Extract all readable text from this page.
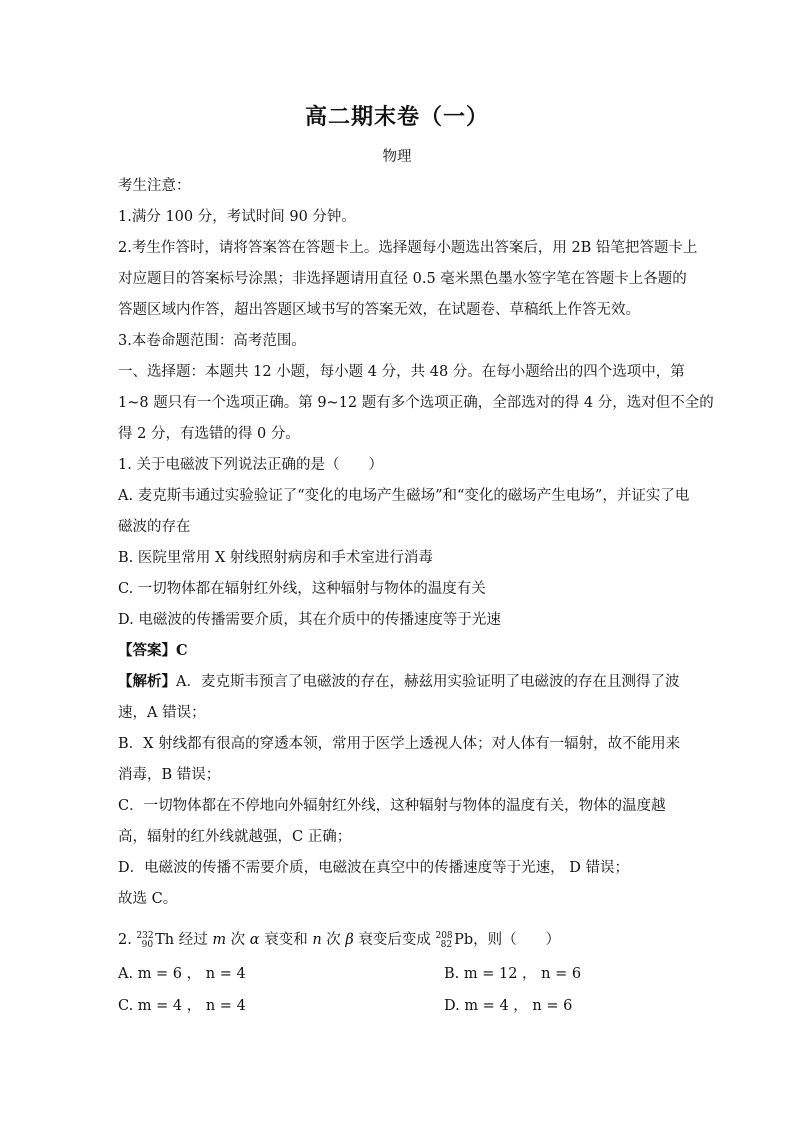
高二期末卷（一）
物理
考生注意：
1.满分 100 分，考试时间 90 分钟。
2.考生作答时，请将答案答在答题卡上。选择题每小题选出答案后，用 2B 铅笔把答题卡上
对应题目的答案标号涂黑；非选择题请用直径 0.5 毫米黑色墨水签字笔在答题卡上各题的
答题区域内作答，超出答题区域书写的答案无效，在试题卷、草稿纸上作答无效。
3.本卷命题范围：高考范围。
一、选择题：本题共 12 小题，每小题 4 分，共 48 分。在每小题给出的四个选项中，第
1~8 题只有一个选项正确。第 9~12 题有多个选项正确，全部选对的得 4 分，选对但不全的
得 2 分，有选错的得 0 分。
1. 关于电磁波下列说法正确的是（　　）
A. 麦克斯韦通过实验验证了“变化的电场产生磁场”和“变化的磁场产生电场”，并证实了电
磁波的存在
B. 医院里常用 X 射线照射病房和手术室进行消毒
C. 一切物体都在辐射红外线，这种辐射与物体的温度有关
D. 电磁波的传播需要介质，其在介质中的传播速度等于光速
【答案】C
【解析】A．麦克斯韦预言了电磁波的存在，赫兹用实验证明了电磁波的存在且测得了波
速，A 错误；
B．X 射线都有很高的穿透本领，常用于医学上透视人体；对人体有一辐射，故不能用来
消毒，B 错误；
C．一切物体都在不停地向外辐射红外线，这种辐射与物体的温度有关，物体的温度越
高，辐射的红外线就越强，C 正确；
D．电磁波的传播不需要介质，电磁波在真空中的传播速度等于光速， D 错误；
故选 C。
2. $^{232}_{90}$ Th 经过 m 次 α 衰变和 n 次 β 衰变后变成 $^{208}_{82}$ Pb，则（　　）
A. m = 6 ， n = 4	B. m = 12 ， n = 6
C. m = 4 ， n = 4	D. m = 4 ， n = 6
